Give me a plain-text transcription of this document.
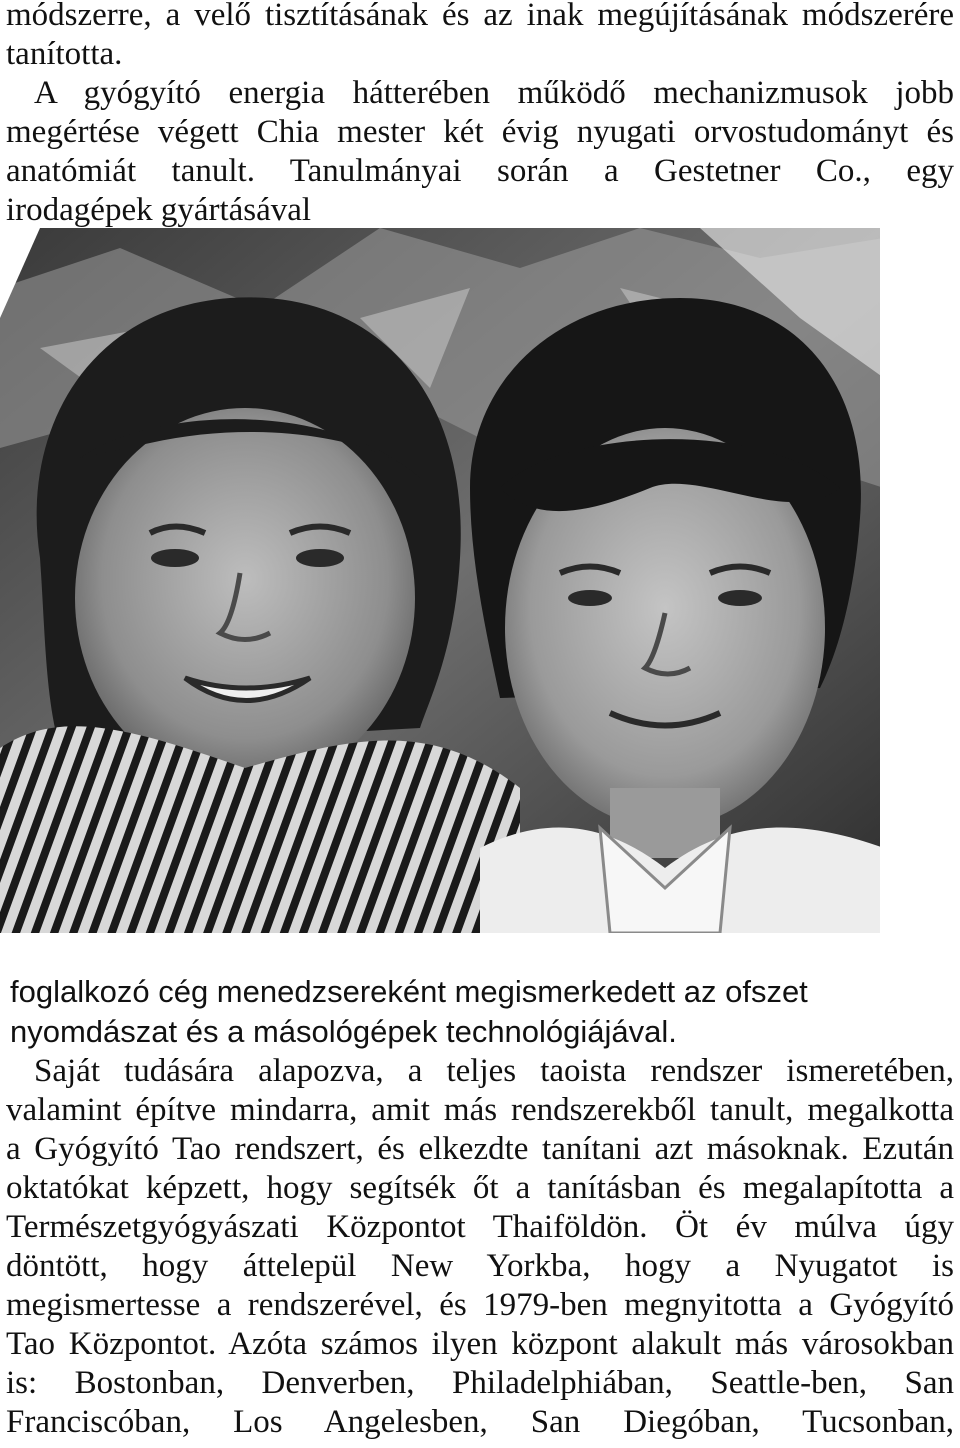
módszerre, a velő tisztításának és az inak megújításának módszerére
tanította.
A gyógyító energia hátterében működő mechanizmusok jobb
megértése végett Chia mester két évig nyugati orvostudományt és
anatómiát tanult. Tanulmányai során a Gestetner Co., egy
irodagépek gyártásával
foglalkozó cég menedzsereként megismerkedett az ofszet
nyomdászat és a másológépek technológiájával.
Saját tudására alapozva, a teljes taoista rendszer ismeretében,
valamint építve mindarra, amit más rendszerekből tanult, megalkotta
a Gyógyító Tao rendszert, és elkezdte tanítani azt másoknak. Ezután
oktatókat képzett, hogy segítsék őt a tanításban és megalapította a
Természetgyógyászati Központot Thaiföldön. Öt év múlva úgy
döntött, hogy áttelepül New Yorkba, hogy a Nyugatot is
megismertesse a rendszerével, és 1979-ben megnyitotta a Gyógyító
Tao Központot. Azóta számos ilyen központ alakult más városokban
is: Bostonban, Denverben, Philadelphiában, Seattle-ben, San
Franciscóban, Los Angelesben, San Diegóban, Tucsonban,
